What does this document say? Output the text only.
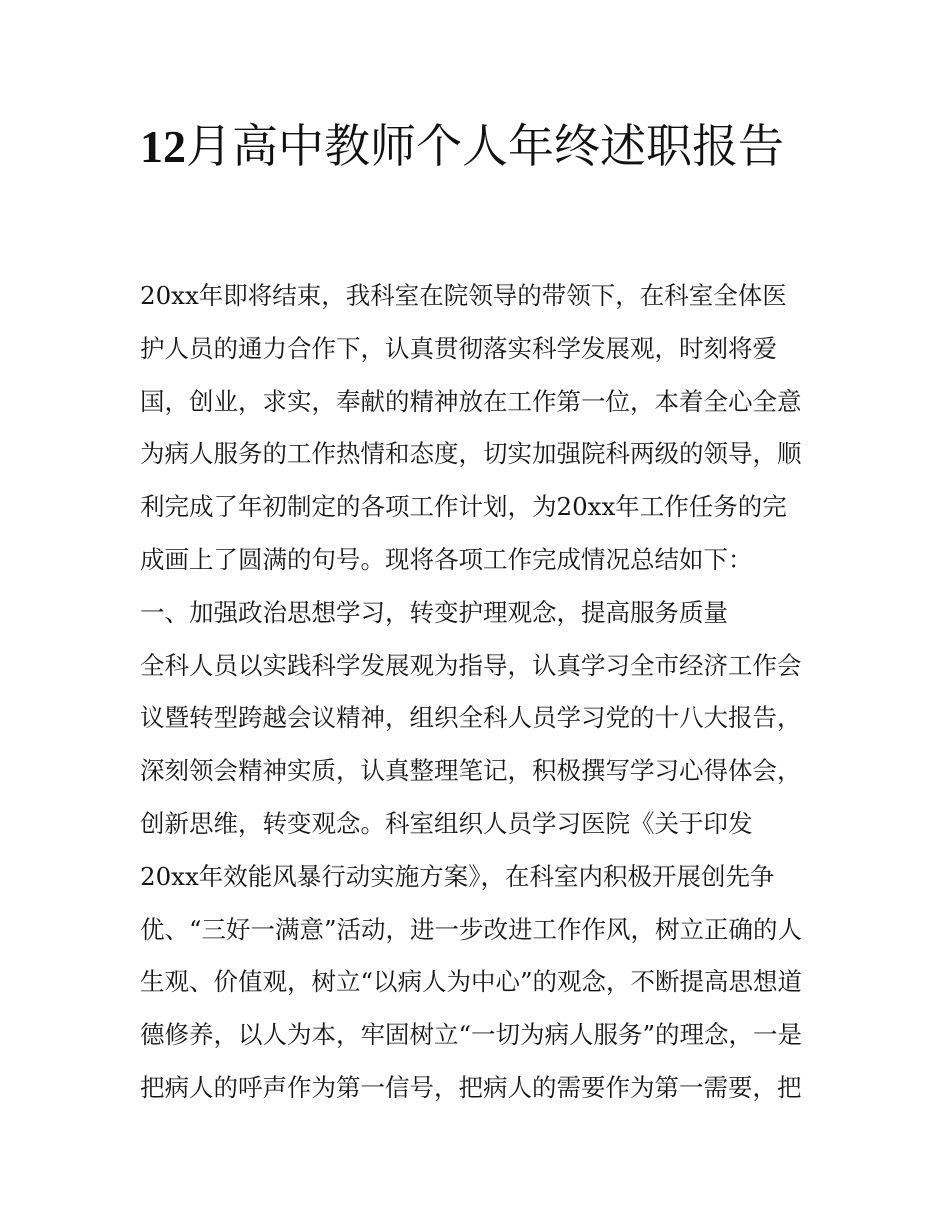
12月高中教师个人年终述职报告
20xx年即将结束，我科室在院领导的带领下，在科室全体医
护人员的通力合作下，认真贯彻落实科学发展观，时刻将爱
国，创业，求实，奉献的精神放在工作第一位，本着全心全意
为病人服务的工作热情和态度，切实加强院科两级的领导，顺
利完成了年初制定的各项工作计划，为20xx年工作任务的完
成画上了圆满的句号。现将各项工作完成情况总结如下：
一、加强政治思想学习，转变护理观念，提高服务质量
全科人员以实践科学发展观为指导，认真学习全市经济工作会
议暨转型跨越会议精神，组织全科人员学习党的十八大报告，
深刻领会精神实质，认真整理笔记，积极撰写学习心得体会，
创新思维，转变观念。科室组织人员学习医院《关于印发
20xx年效能风暴行动实施方案》，在科室内积极开展创先争
优、“三好一满意”活动，进一步改进工作作风，树立正确的人
生观、价值观，树立“以病人为中心”的观念，不断提高思想道
德修养，以人为本，牢固树立“一切为病人服务”的理念，一是
把病人的呼声作为第一信号，把病人的需要作为第一需要，把
